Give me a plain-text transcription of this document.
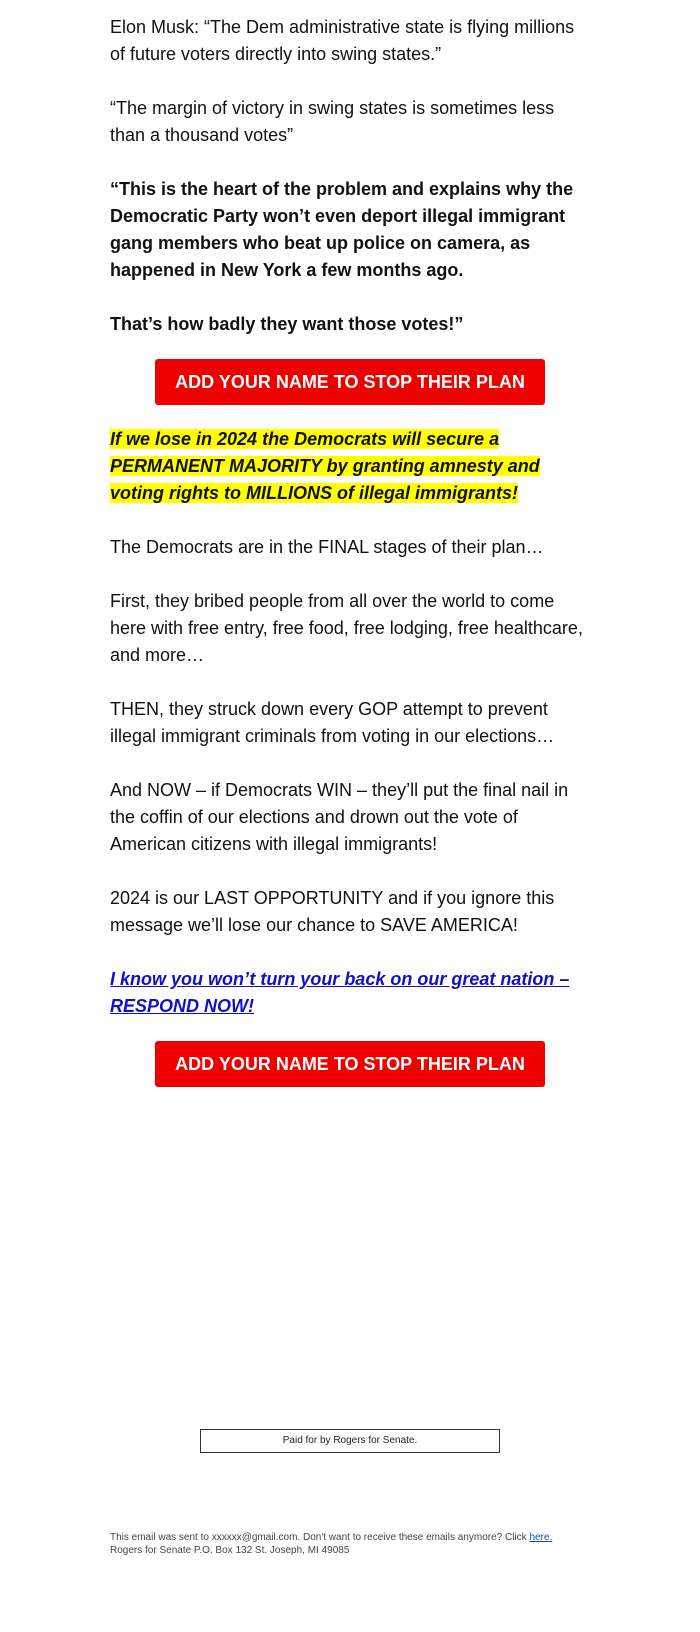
Elon Musk: “The Dem administrative state is flying millions of future voters directly into swing states.”

“The margin of victory in swing states is sometimes less than a thousand votes”

“This is the heart of the problem and explains why the Democratic Party won’t even deport illegal immigrant gang members who beat up police on camera, as happened in New York a few months ago.

That’s how badly they want those votes!”

ADD YOUR NAME TO STOP THEIR PLAN

If we lose in 2024 the Democrats will secure a PERMANENT MAJORITY by granting amnesty and voting rights to MILLIONS of illegal immigrants!

The Democrats are in the FINAL stages of their plan…

First, they bribed people from all over the world to come here with free entry, free food, free lodging, free healthcare, and more…

THEN, they struck down every GOP attempt to prevent illegal immigrant criminals from voting in our elections…

And NOW – if Democrats WIN – they’ll put the final nail in the coffin of our elections and drown out the vote of American citizens with illegal immigrants!

2024 is our LAST OPPORTUNITY and if you ignore this message we’ll lose our chance to SAVE AMERICA!

I know you won’t turn your back on our great nation – RESPOND NOW!

ADD YOUR NAME TO STOP THEIR PLAN
Paid for by Rogers for Senate.
This email was sent to xxxxxx@gmail.com. Don't want to receive these emails anymore? Click here.
Rogers for Senate P.O. Box 132 St. Joseph, MI 49085
